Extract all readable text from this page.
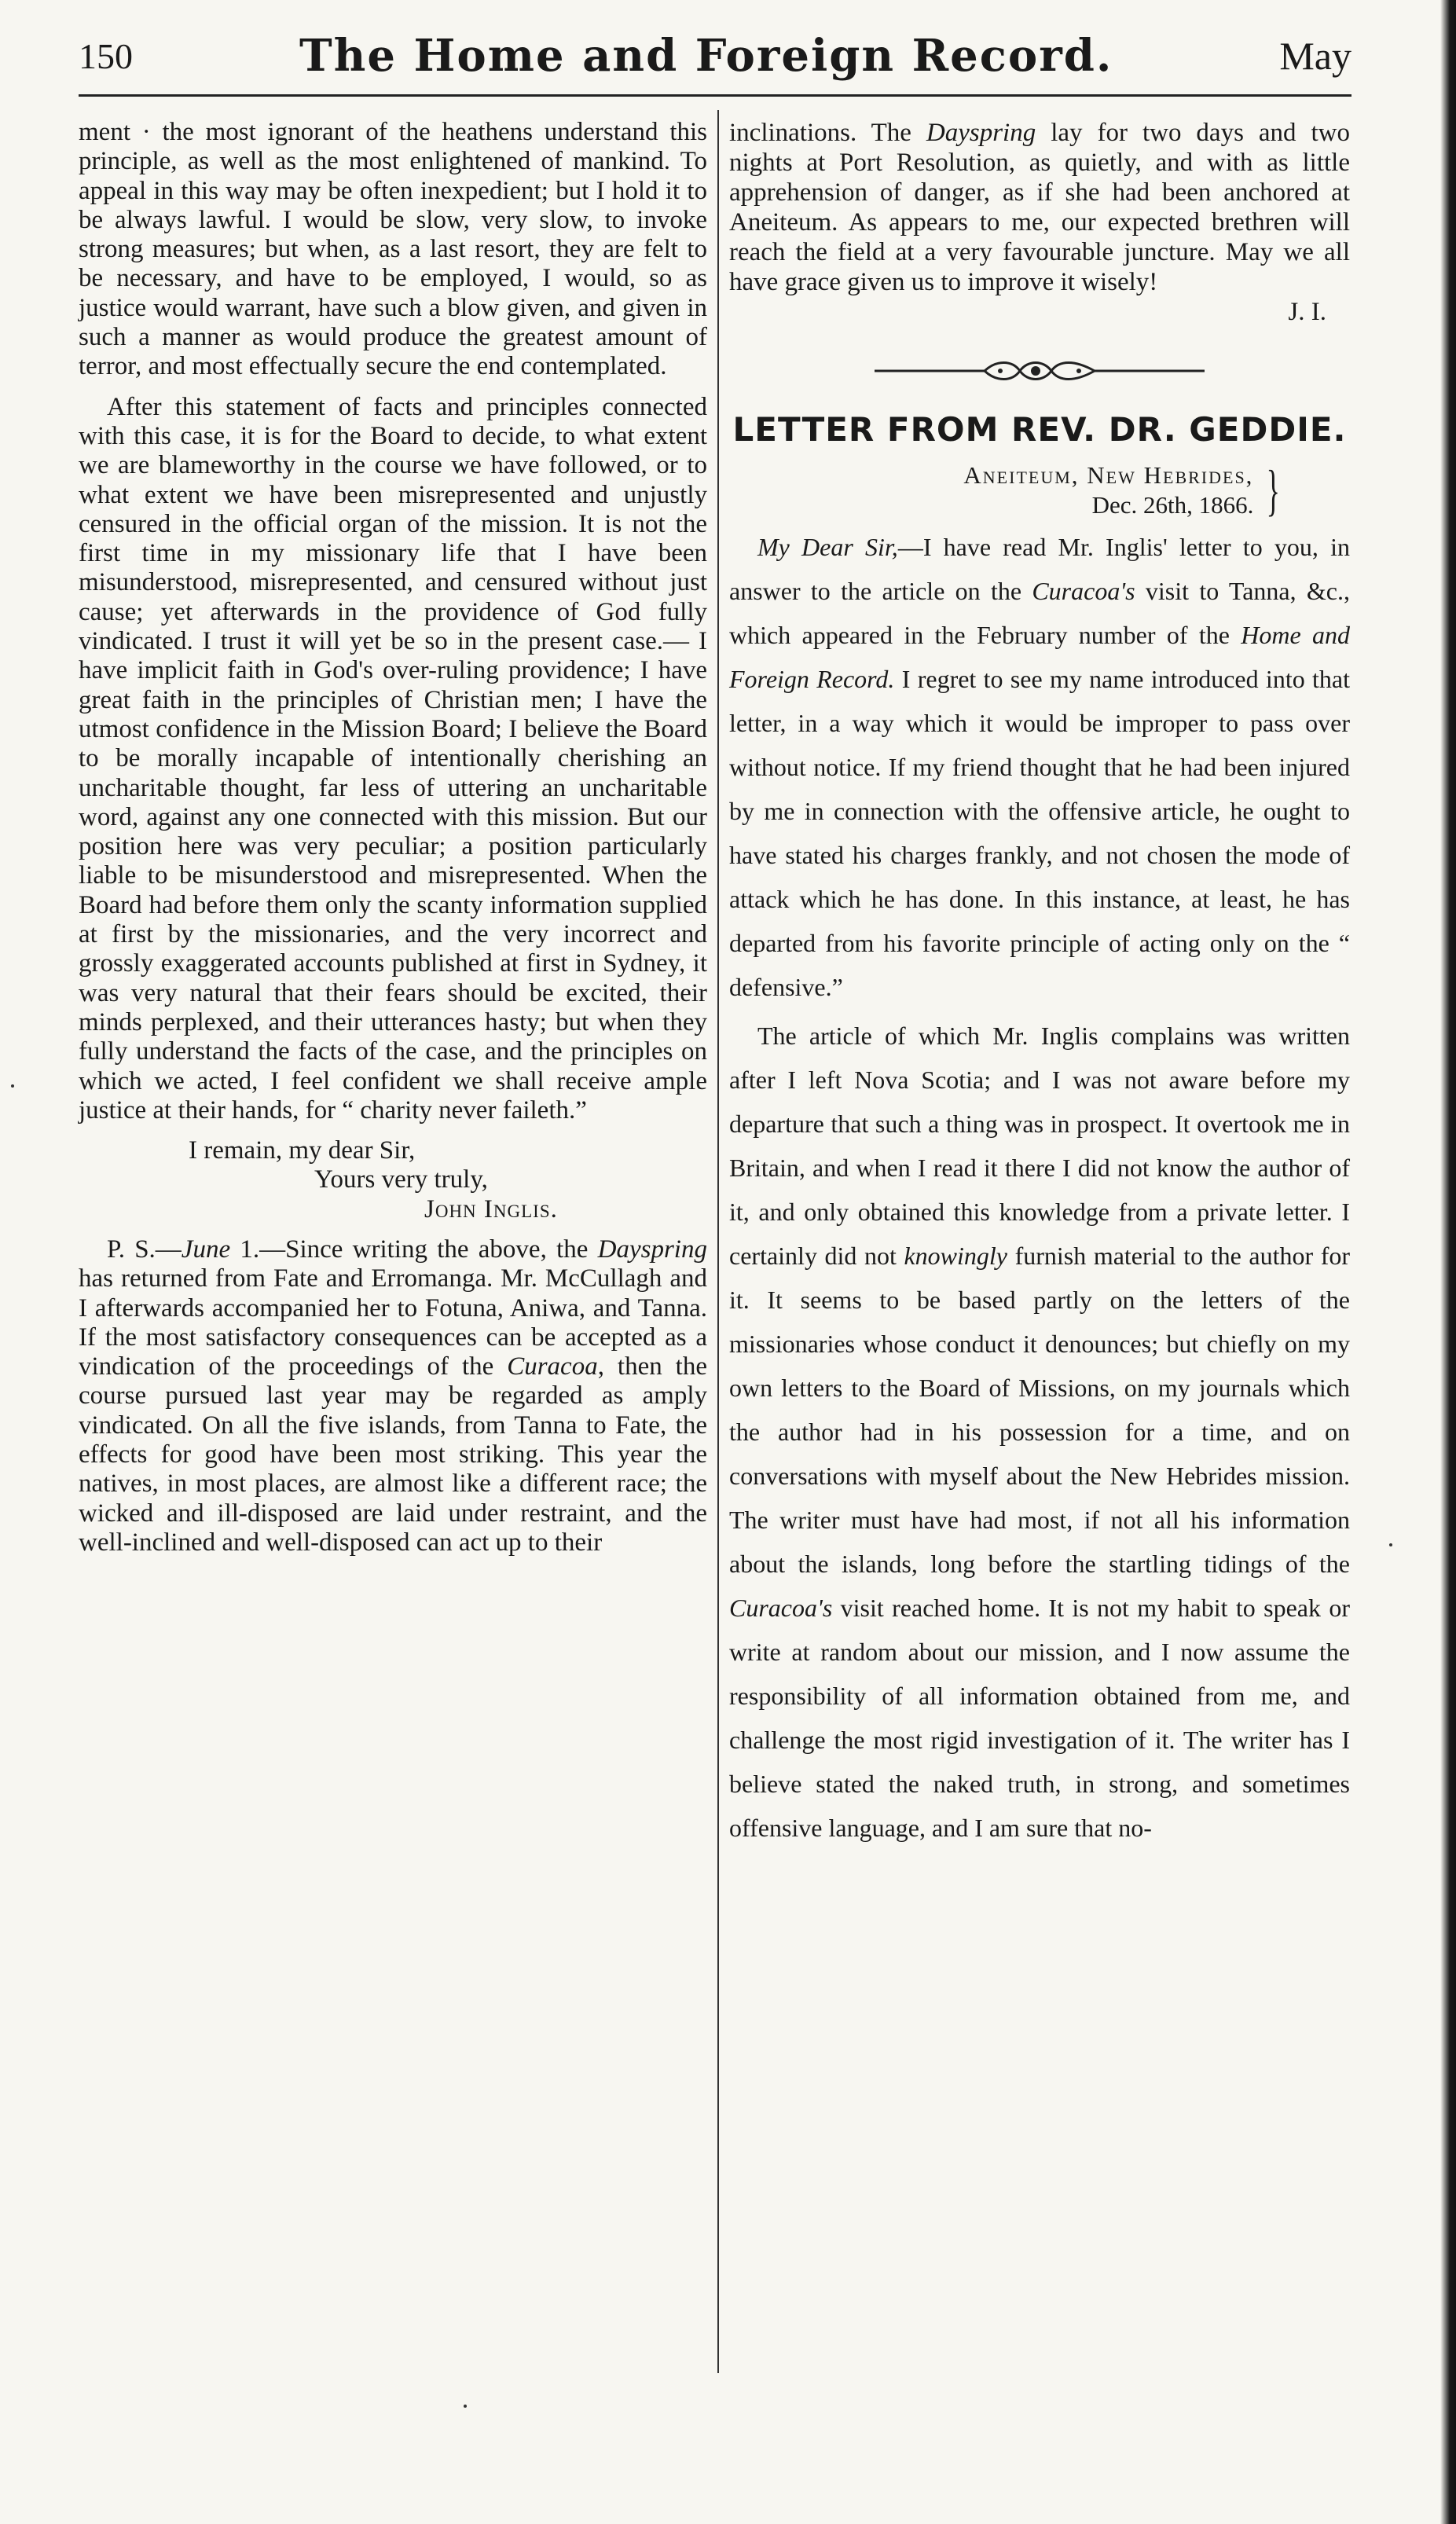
150	The Home and Foreign Record.	May

ment · the most ignorant of the heathens understand this principle, as well as the most enlightened of mankind. To appeal in this way may be often inexpedient; but I hold it to be always lawful. I would be slow, very slow, to invoke strong measures; but when, as a last resort, they are felt to be necessary, and have to be employed, I would, so as justice would warrant, have such a blow given, and given in such a manner as would produce the greatest amount of terror, and most effectually secure the end contemplated.

After this statement of facts and principles connected with this case, it is for the Board to decide, to what extent we are blameworthy in the course we have followed, or to what extent we have been misrepresented and unjustly censured in the official organ of the mission. It is not the first time in my missionary life that I have been misunderstood, misrepresented, and censured without just cause; yet afterwards in the providence of God fully vindicated. I trust it will yet be so in the present case.— I have implicit faith in God's over-ruling providence; I have great faith in the principles of Christian men; I have the utmost confidence in the Mission Board; I believe the Board to be morally incapable of intentionally cherishing an uncharitable thought, far less of uttering an uncharitable word, against any one connected with this mission. But our position here was very peculiar; a position particularly liable to be misunderstood and misrepresented. When the Board had before them only the scanty information supplied at first by the missionaries, and the very incorrect and grossly exaggerated accounts published at first in Sydney, it was very natural that their fears should be excited, their minds perplexed, and their utterances hasty; but when they fully understand the facts of the case, and the principles on which we acted, I feel confident we shall receive ample justice at their hands, for “ charity never faileth.”

I remain, my dear Sir,

Yours very truly,

John Inglis.

P. S.—June 1.—Since writing the above, the Dayspring has returned from Fate and Erromanga. Mr. McCullagh and I afterwards accompanied her to Fotuna, Aniwa, and Tanna. If the most satisfactory consequences can be accepted as a vindication of the proceedings of the Curacoa, then the course pursued last year may be regarded as amply vindicated. On all the five islands, from Tanna to Fate, the effects for good have been most striking. This year the natives, in most places, are almost like a different race; the wicked and ill-disposed are laid under restraint, and the well-inclined and well-disposed can act up to their

inclinations. The Dayspring lay for two days and two nights at Port Resolution, as quietly, and with as little apprehension of danger, as if she had been anchored at Aneiteum. As appears to me, our expected brethren will reach the field at a very favourable juncture. May we all have grace given us to improve it wisely!

J. I.

LETTER FROM REV. DR. GEDDIE.
Aneiteum, New Hebrides,
Dec. 26th, 1866. }

My Dear Sir,—I have read Mr. Inglis' letter to you, in answer to the article on the Curacoa's visit to Tanna, &c., which appeared in the February number of the Home and Foreign Record. I regret to see my name introduced into that letter, in a way which it would be improper to pass over without notice. If my friend thought that he had been injured by me in connection with the offensive article, he ought to have stated his charges frankly, and not chosen the mode of attack which he has done. In this instance, at least, he has departed from his favorite principle of acting only on the “ defensive.”

The article of which Mr. Inglis complains was written after I left Nova Scotia; and I was not aware before my departure that such a thing was in prospect. It overtook me in Britain, and when I read it there I did not know the author of it, and only obtained this knowledge from a private letter. I certainly did not knowingly furnish material to the author for it. It seems to be based partly on the letters of the missionaries whose conduct it denounces; but chiefly on my own letters to the Board of Missions, on my journals which the author had in his possession for a time, and on conversations with myself about the New Hebrides mission. The writer must have had most, if not all his information about the islands, long before the startling tidings of the Curacoa's visit reached home. It is not my habit to speak or write at random about our mission, and I now assume the responsibility of all information obtained from me, and challenge the most rigid investigation of it. The writer has I believe stated the naked truth, in strong, and sometimes offensive language, and I am sure that no-
